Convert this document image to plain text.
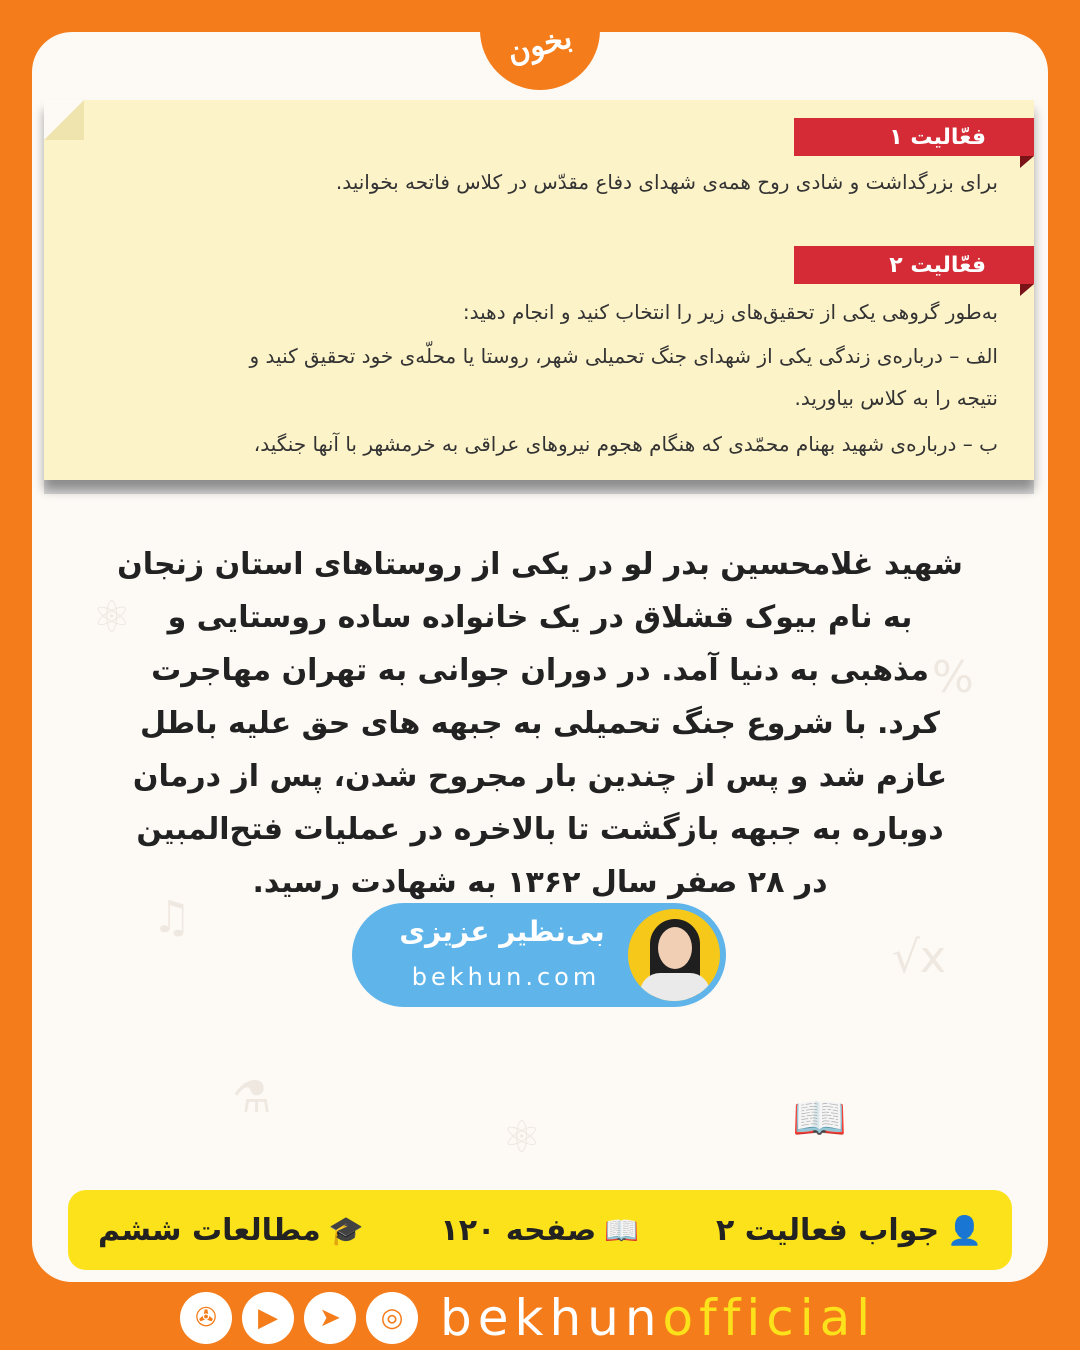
⚛
%
♫
√x
⚗	📖
⚛
بخون
فعّالیت ۱
برای بزرگداشت و شادی روح همه‌ی شهدای دفاع مقدّس در کلاس فاتحه بخوانید.
فعّالیت ۲
به‌طور گروهی یکی از تحقیق‌های زیر را انتخاب کنید و انجام دهید:
الف – درباره‌ی زندگی یکی از شهدای جنگ تحمیلی شهر، روستا یا محلّه‌ی خود تحقیق کنید و
نتیجه را به کلاس بیاورید.
ب – درباره‌ی شهید بهنام محمّدی که هنگام هجوم نیروهای عراقی به خرمشهر با آنها جنگید،
شهید غلامحسین بدر لو در یکی از روستاهای استان زنجان به نام بیوک قشلاق در یک خانواده ساده روستایی و مذهبی به دنیا آمد. در دوران جوانی به تهران مهاجرت کرد. با شروع جنگ تحمیلی به جبهه های حق علیه باطل عازم شد و پس از چندین بار مجروح شدن، پس از درمان دوباره به جبهه بازگشت تا بالاخره در عملیات فتح‌المبین در ۲۸ صفر سال ۱۳۶۲ به شهادت رسید.
بی‌نظیر عزیزی
bekhun.com
👤
جواب فعالیت ۲
📖
صفحه ۱۲۰
🎓
مطالعات ششم
✇	▶	➤	◎ bekhunofficial
